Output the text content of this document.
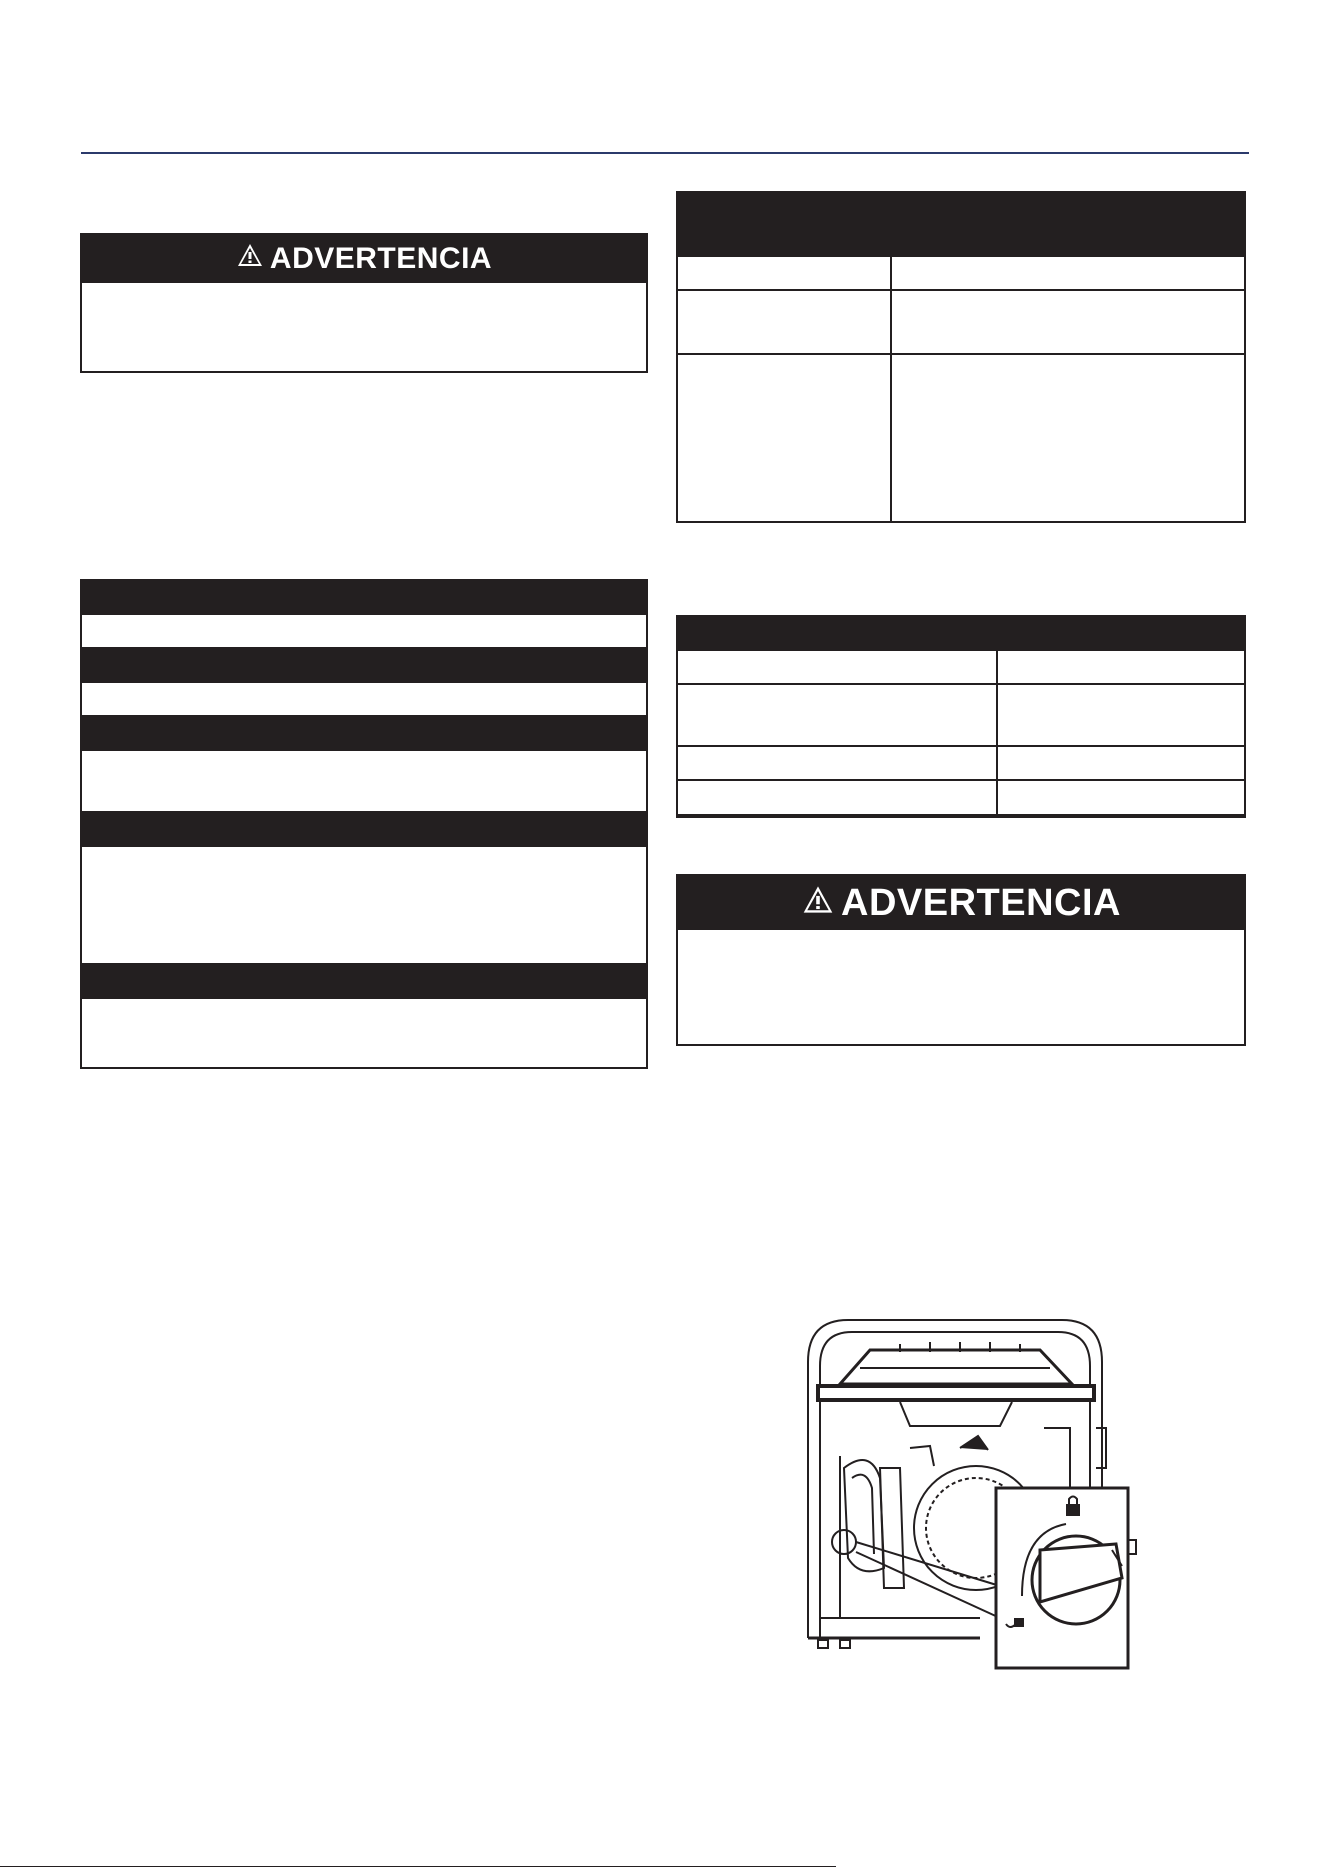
ADVERTENCIA

ADVERTENCIA
